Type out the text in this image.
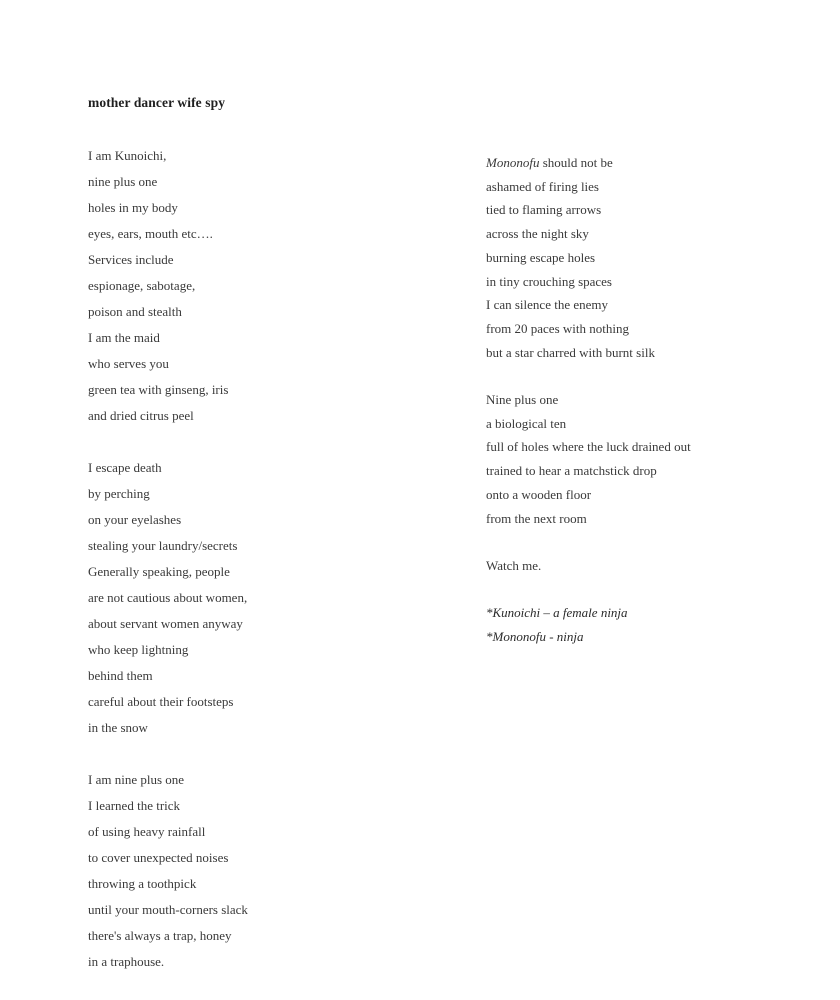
mother dancer wife spy
I am Kunoichi,
nine plus one
holes in my body
eyes, ears, mouth etc….
Services include
espionage, sabotage,
poison and stealth
I am the maid
who serves you
green tea with ginseng, iris
and dried citrus peel
I escape death
by perching
on your eyelashes
stealing your laundry/secrets
Generally speaking, people
are not cautious about women,
about servant women anyway
who keep lightning
behind them
careful about their footsteps
in the snow
I am nine plus one
I learned the trick
of using heavy rainfall
to cover unexpected noises
throwing a toothpick
until your mouth-corners slack
there's always a trap, honey
in a traphouse.
Mononofu should not be
ashamed of firing lies
tied to flaming arrows
across the night sky
burning escape holes
in tiny crouching spaces
I can silence the enemy
from 20 paces with nothing
but a star charred with burnt silk
Nine plus one
a biological ten
full of holes where the luck drained out
trained to hear a matchstick drop
onto a wooden floor
from the next room
Watch me.
*Kunoichi – a female ninja
*Mononofu - ninja
